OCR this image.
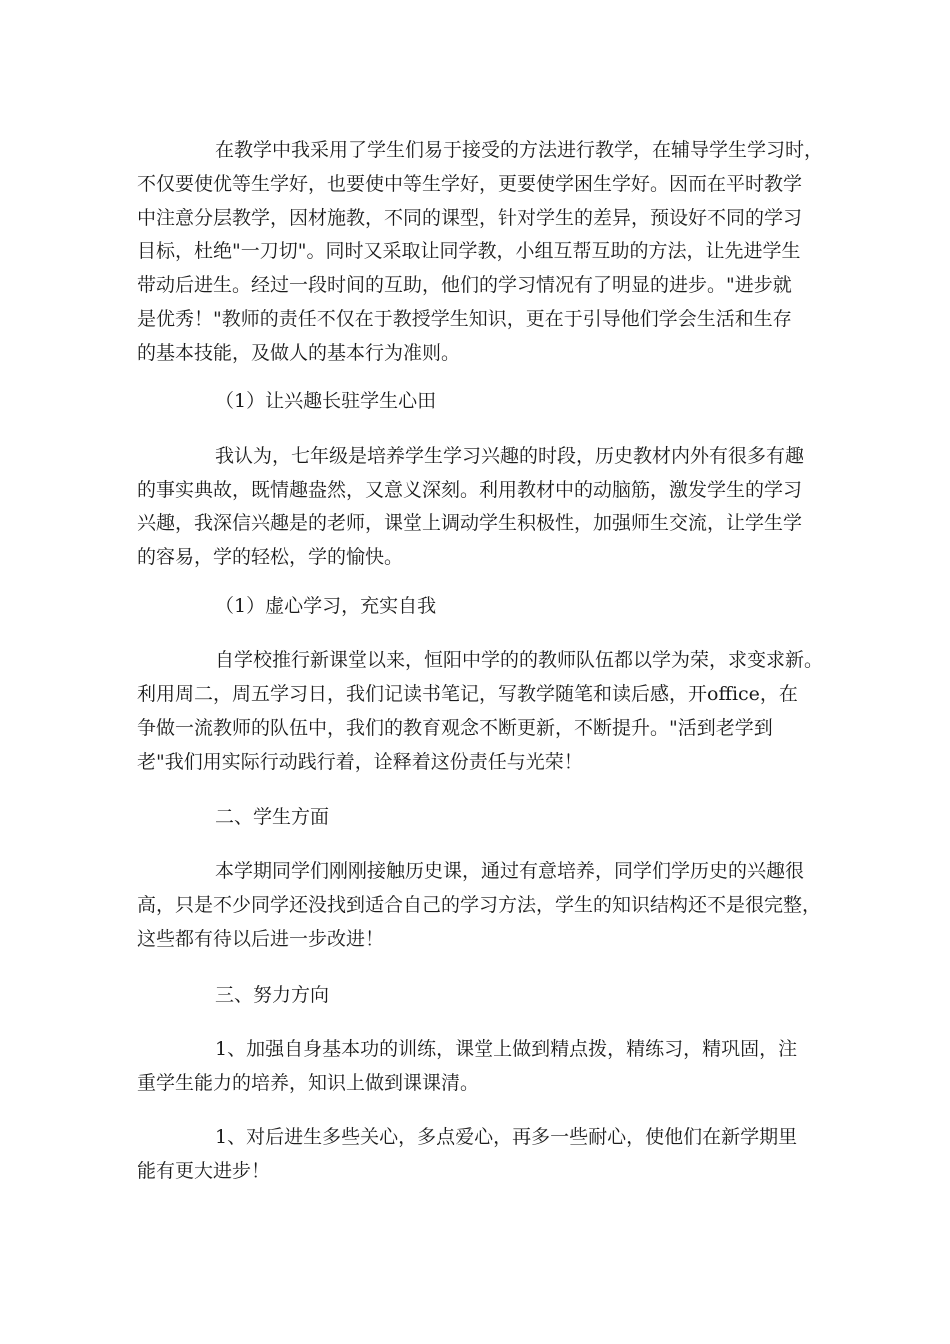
在教学中我采用了学生们易于接受的方法进行教学，在辅导学生学习时，
不仅要使优等生学好，也要使中等生学好，更要使学困生学好。因而在平时教学
中注意分层教学，因材施教，不同的课型，针对学生的差异，预设好不同的学习
目标，杜绝"一刀切"。同时又采取让同学教，小组互帮互助的方法，让先进学生
带动后进生。经过一段时间的互助，他们的学习情况有了明显的进步。"进步就
是优秀！"教师的责任不仅在于教授学生知识，更在于引导他们学会生活和生存
的基本技能，及做人的基本行为准则。
（1）让兴趣长驻学生心田
我认为，七年级是培养学生学习兴趣的时段，历史教材内外有很多有趣
的事实典故，既情趣盎然，又意义深刻。利用教材中的动脑筋，激发学生的学习
兴趣，我深信兴趣是的老师，课堂上调动学生积极性，加强师生交流，让学生学
的容易，学的轻松，学的愉快。
（1）虚心学习，充实自我
自学校推行新课堂以来，恒阳中学的的教师队伍都以学为荣，求变求新。
利用周二，周五学习日，我们记读书笔记，写教学随笔和读后感，开office，在
争做一流教师的队伍中，我们的教育观念不断更新，不断提升。"活到老学到
老"我们用实际行动践行着，诠释着这份责任与光荣！
二、学生方面
本学期同学们刚刚接触历史课，通过有意培养，同学们学历史的兴趣很
高，只是不少同学还没找到适合自己的学习方法，学生的知识结构还不是很完整，
这些都有待以后进一步改进！
三、努力方向
1、加强自身基本功的训练，课堂上做到精点拨，精练习，精巩固，注
重学生能力的培养，知识上做到课课清。
1、对后进生多些关心，多点爱心，再多一些耐心，使他们在新学期里
能有更大进步！
